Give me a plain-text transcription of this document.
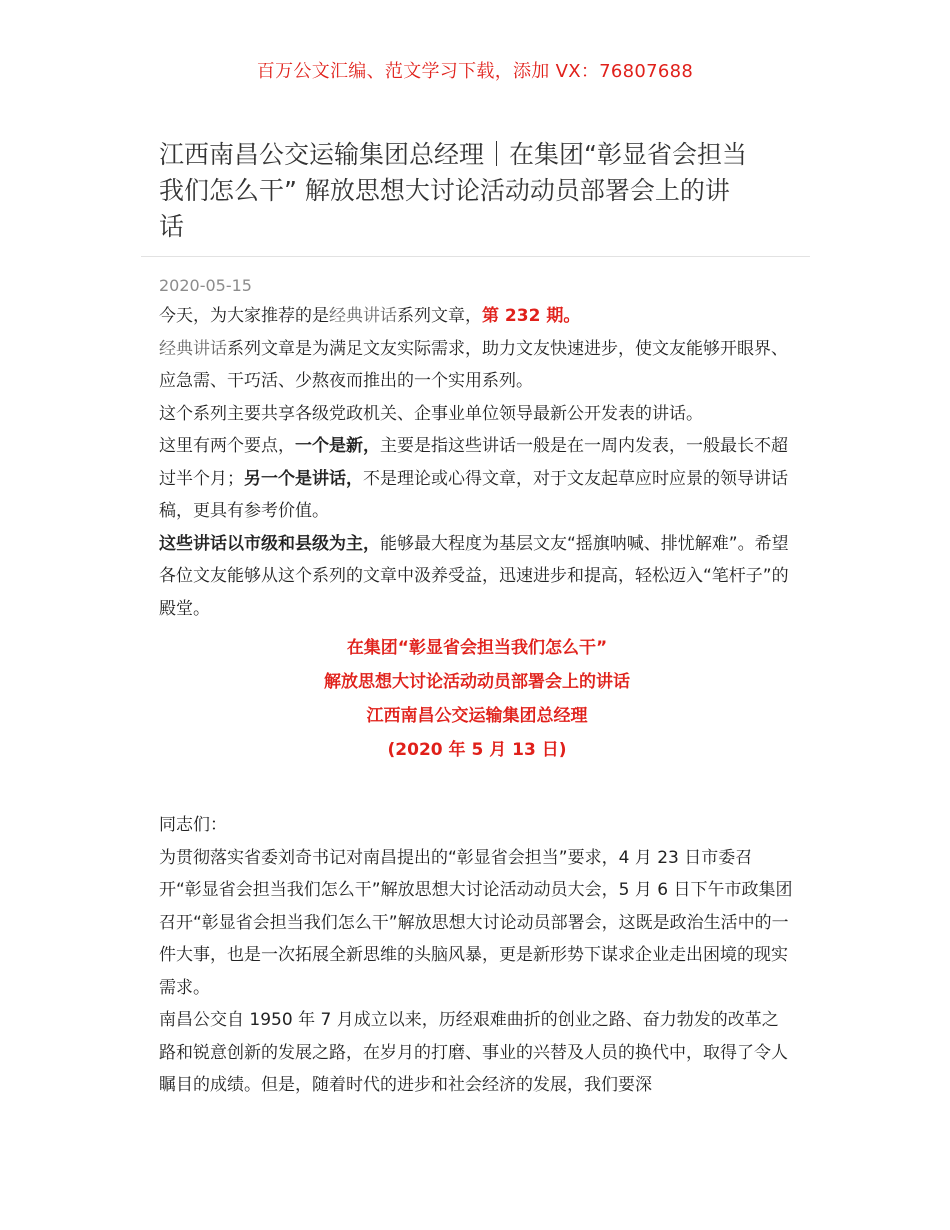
百万公文汇编、范文学习下载，添加 VX：76807688
江西南昌公交运输集团总经理｜在集团“彰显省会担当
我们怎么干” 解放思想大讨论活动动员部署会上的讲
话
2020-05-15

今天，为大家推荐的是经典讲话系列文章，第 232 期。

经典讲话系列文章是为满足文友实际需求，助力文友快速进步，使文友能够开眼界、应急需、干巧活、少熬夜而推出的一个实用系列。

这个系列主要共享各级党政机关、企事业单位领导最新公开发表的讲话。

这里有两个要点，一个是新，主要是指这些讲话一般是在一周内发表，一般最长不超过半个月；另一个是讲话，不是理论或心得文章，对于文友起草应时应景的领导讲话稿，更具有参考价值。

这些讲话以市级和县级为主，能够最大程度为基层文友“摇旗呐喊、排忧解难”。希望各位文友能够从这个系列的文章中汲养受益，迅速进步和提高，轻松迈入“笔杆子”的殿堂。

在集团“彰显省会担当我们怎么干”

解放思想大讨论活动动员部署会上的讲话

江西南昌公交运输集团总经理

(2020 年 5 月 13 日)

同志们：

为贯彻落实省委刘奇书记对南昌提出的“彰显省会担当”要求，4 月 23 日市委召开“彰显省会担当我们怎么干”解放思想大讨论活动动员大会，5 月 6 日下午市政集团召开“彰显省会担当我们怎么干”解放思想大讨论动员部署会，这既是政治生活中的一件大事，也是一次拓展全新思维的头脑风暴，更是新形势下谋求企业走出困境的现实需求。

南昌公交自 1950 年 7 月成立以来，历经艰难曲折的创业之路、奋力勃发的改革之路和锐意创新的发展之路，在岁月的打磨、事业的兴替及人员的换代中，取得了令人瞩目的成绩。但是，随着时代的进步和社会经济的发展，我们要深
